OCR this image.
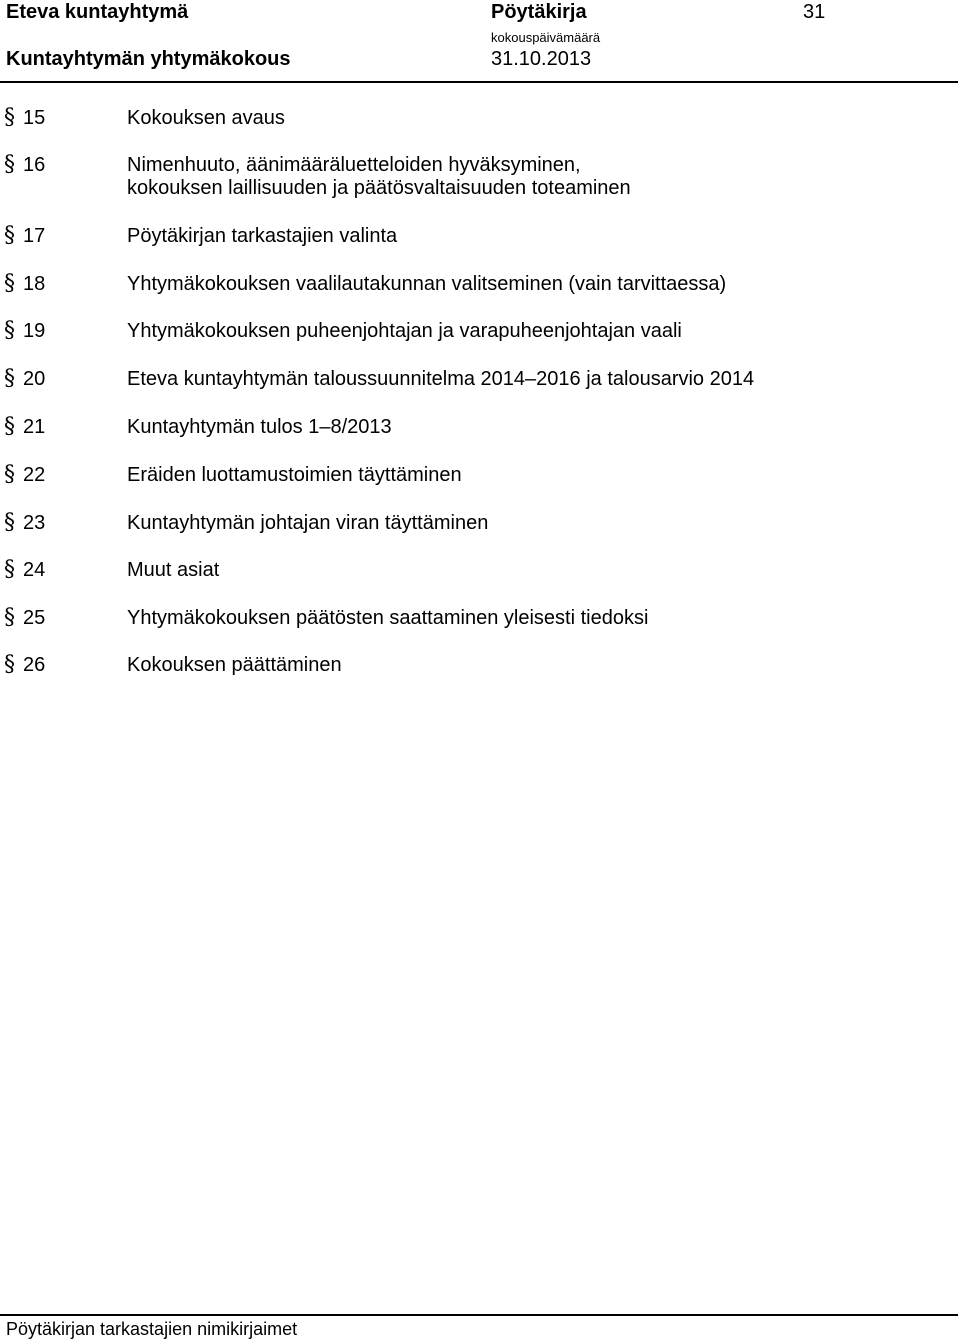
Eteva kuntayhtymä	Pöytäkirja	31
Kuntayhtymän yhtymäkokous
kokouspäivämäärä
31.10.2013
§ 15	Kokouksen avaus
§ 16	Nimenhuuto, äänimääräluetteloiden hyväksyminen,
kokouksen laillisuuden ja päätösvaltaisuuden toteaminen
§ 17	Pöytäkirjan tarkastajien valinta
§ 18	Yhtymäkokouksen vaalilautakunnan valitseminen (vain tarvittaessa)
§ 19	Yhtymäkokouksen puheenjohtajan ja varapuheenjohtajan vaali
§ 20	Eteva kuntayhtymän taloussuunnitelma 2014–2016 ja talousarvio 2014
§ 21	Kuntayhtymän tulos 1–8/2013
§ 22	Eräiden luottamustoimien täyttäminen
§ 23	Kuntayhtymän johtajan viran täyttäminen
§ 24	Muut asiat
§ 25	Yhtymäkokouksen päätösten saattaminen yleisesti tiedoksi
§ 26	Kokouksen päättäminen
Pöytäkirjan tarkastajien nimikirjaimet
